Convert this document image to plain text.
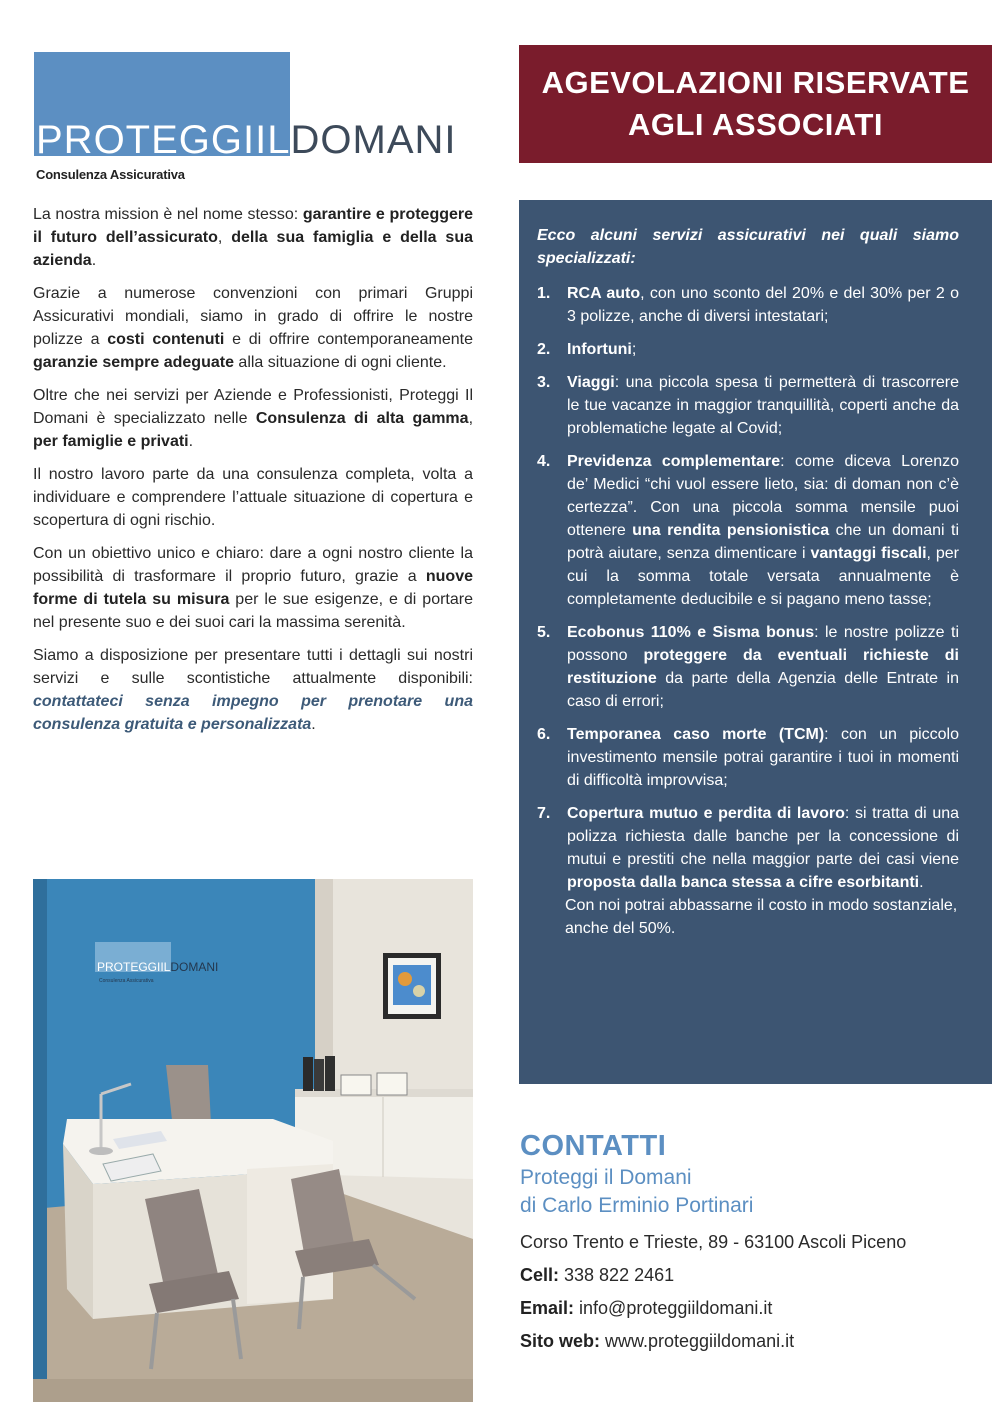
PROTEGGIILDOMANI
Consulenza Assicurativa

La nostra mission è nel nome stesso: garantire e proteggere il futuro dell’assicurato, della sua famiglia e della sua azienda.

Grazie a numerose convenzioni con primari Gruppi Assicurativi mondiali, siamo in grado di offrire le nostre polizze a costi contenuti e di offrire contemporaneamente garanzie sempre adeguate alla situazione di ogni cliente.

Oltre che nei servizi per Aziende e Professionisti, Proteggi Il Domani è specializzato nelle Consulenza di alta gamma, per famiglie e privati.

Il nostro lavoro parte da una consulenza completa, volta a individuare e comprendere l’attuale situazione di copertura e scopertura di ogni rischio.

Con un obiettivo unico e chiaro: dare a ogni nostro cliente la possibilità di trasformare il proprio futuro, grazie a nuove forme di tutela su misura per le sue esigenze, e di portare nel presente suo e dei suoi cari la massima serenità.

Siamo a disposizione per presentare tutti i dettagli sui nostri servizi e sulle scontistiche attualmente disponibili: contattateci senza impegno per prenotare una consulenza gratuita e personalizzata.

PROTEGGIILDOMANI
Consulenza Assicurativa
AGEVOLAZIONI RISERVATE
AGLI ASSOCIATI
Ecco alcuni servizi assicurativi nei quali siamo specializzati:
1. RCA auto, con uno sconto del 20% e del 30% per 2 o 3 polizze, anche di diversi intestatari;
2. Infortuni;
3. Viaggi: una piccola spesa ti permetterà di trascorrere le tue vacanze in maggior tranquillità, coperti anche da problematiche legate al Covid;
4. Previdenza complementare: come diceva Lorenzo de’ Medici “chi vuol essere lieto, sia: di doman non c’è certezza”. Con una piccola somma mensile puoi ottenere una rendita pensionistica che un domani ti potrà aiutare, senza dimenticare i vantaggi fiscali, per cui la somma totale versata annualmente è completamente deducibile e si pagano meno tasse;
5. Ecobonus 110% e Sisma bonus: le nostre polizze ti possono proteggere da eventuali richieste di restituzione da parte della Agenzia delle Entrate in caso di errori;
6. Temporanea caso morte (TCM): con un piccolo investimento mensile potrai garantire i tuoi in momenti di difficoltà improvvisa;
7. Copertura mutuo e perdita di lavoro: si tratta di una polizza richiesta dalle banche per la concessione di mutui e prestiti che nella maggior parte dei casi viene proposta dalla banca stessa a cifre esorbitanti.
Con noi potrai abbassarne il costo in modo sostanziale, anche del 50%.
CONTATTI
Proteggi il Domani
di Carlo Erminio Portinari
Corso Trento e Trieste, 89 - 63100 Ascoli Piceno
Cell: 338 822 2461
Email: info@proteggiildomani.it
Sito web: www.proteggiildomani.it
